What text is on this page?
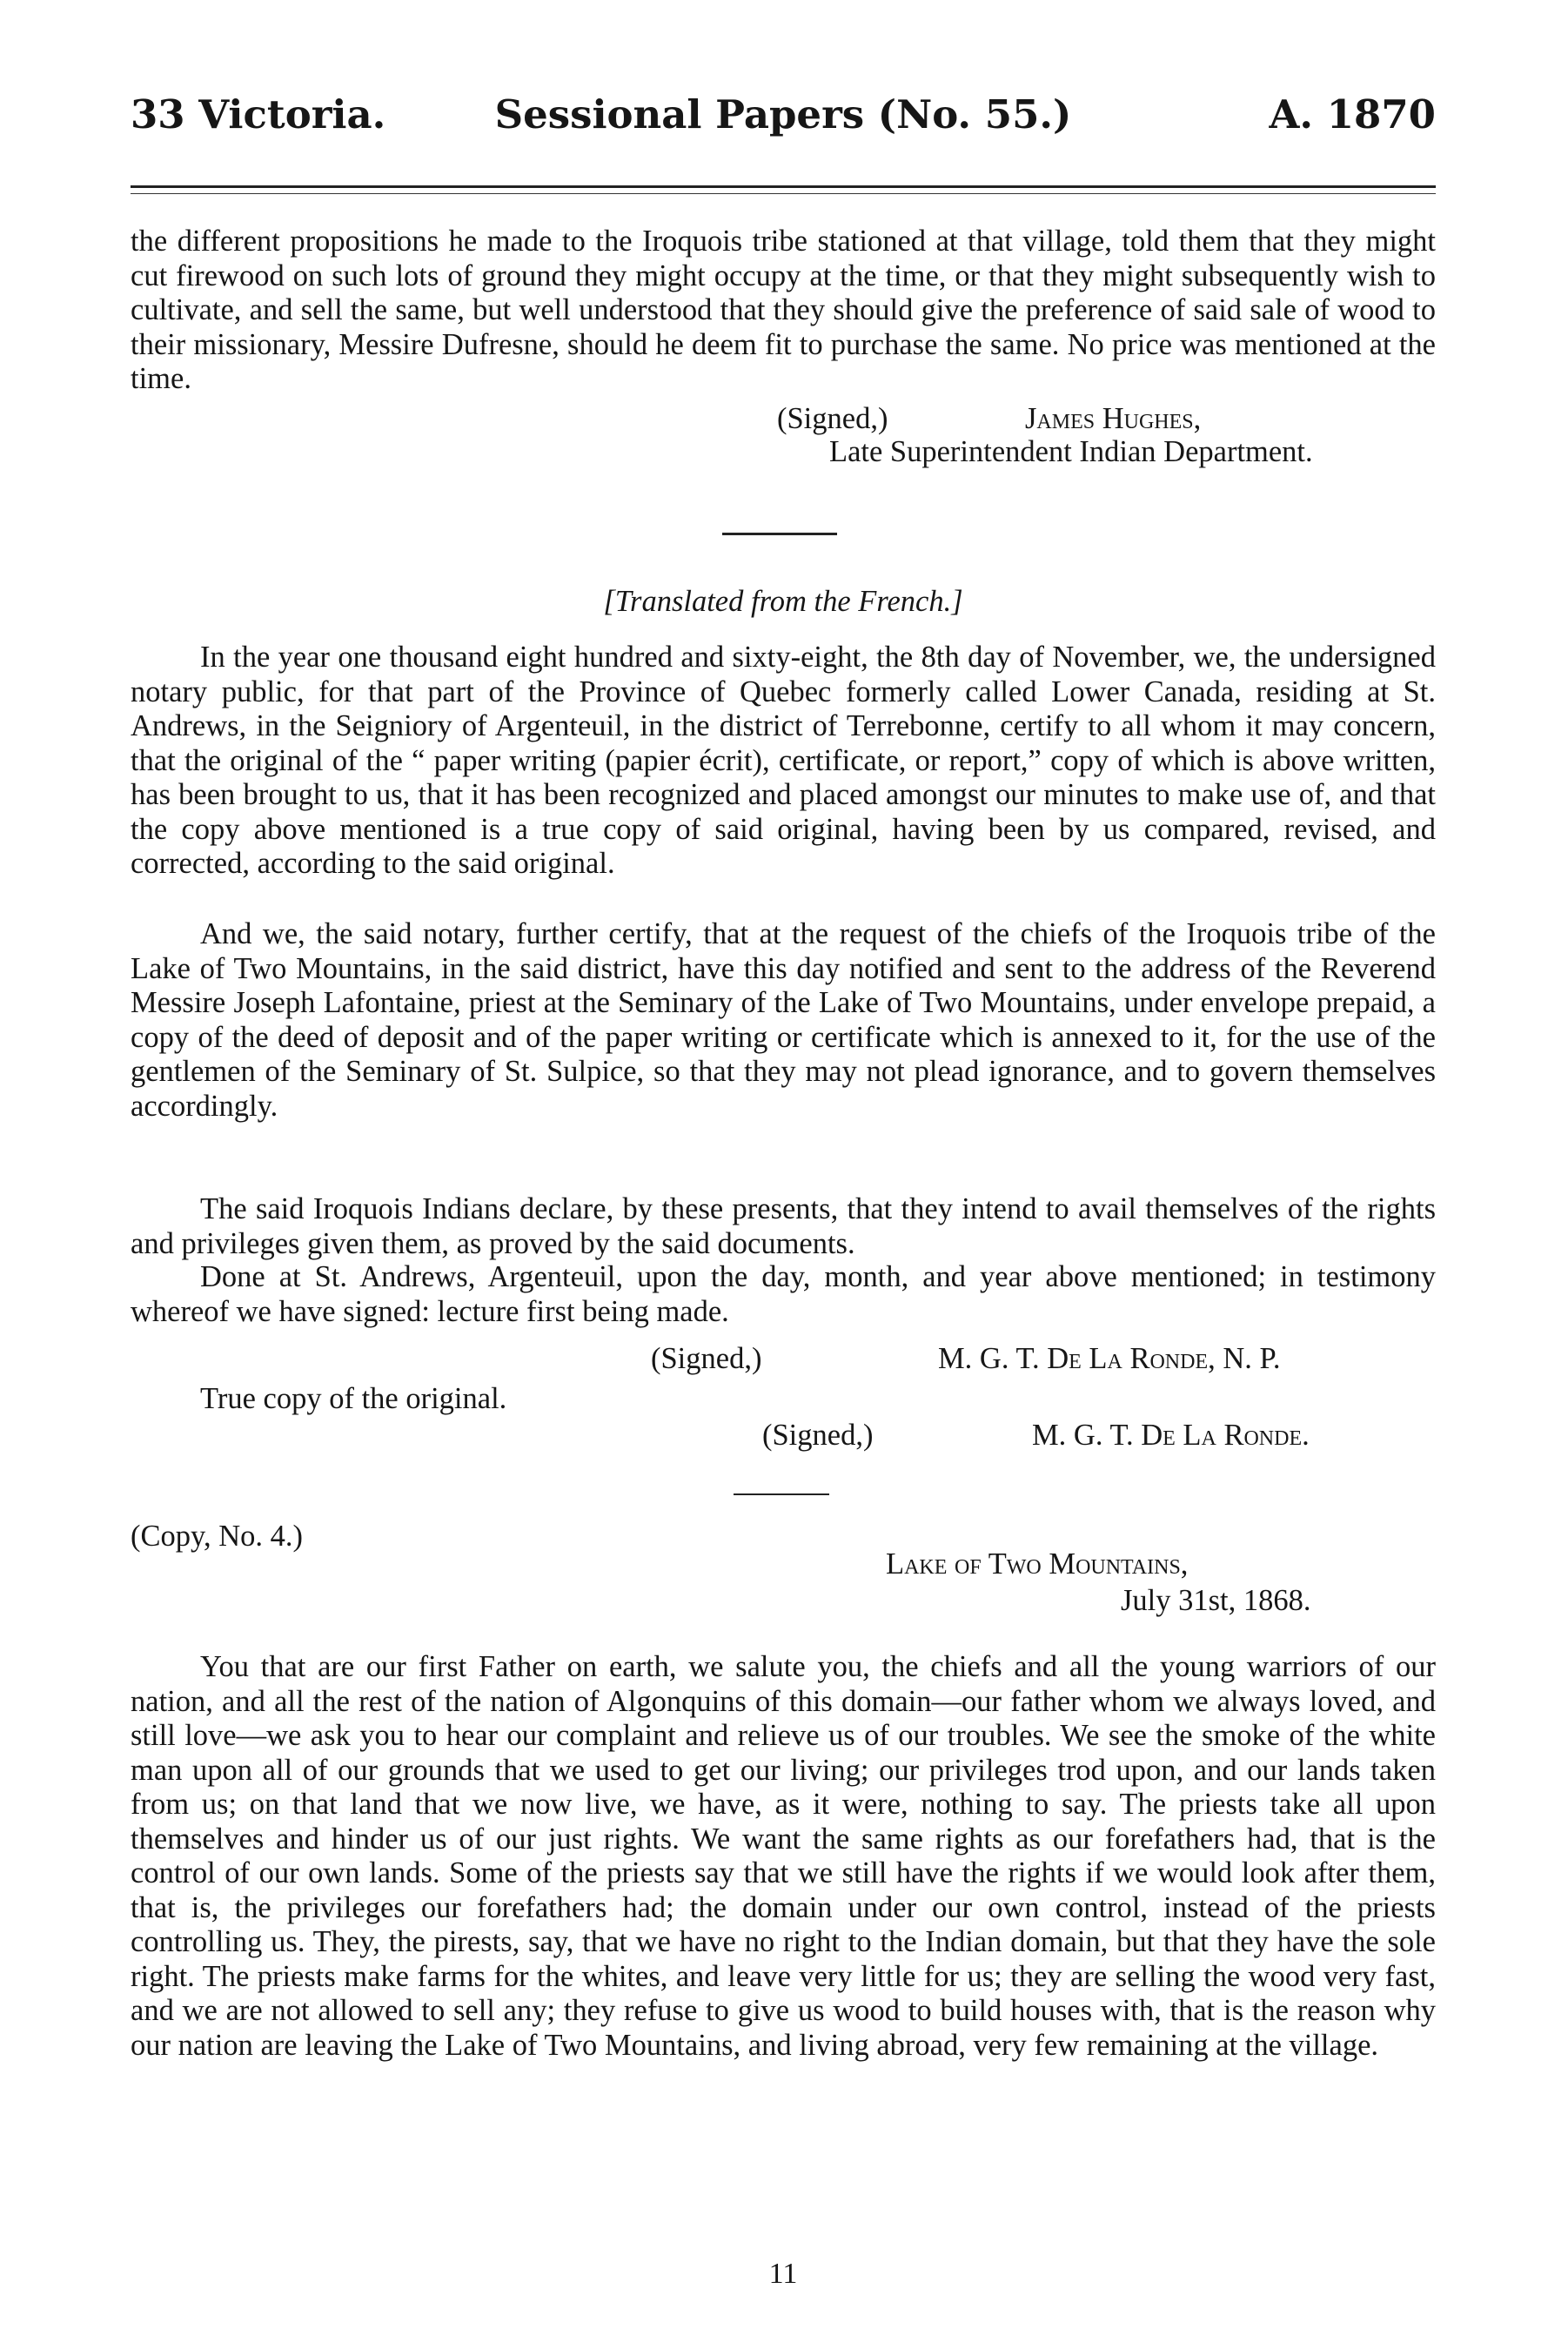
33 Victoria.	Sessional Papers (No. 55.)	A. 1870

the different propositions he made to the Iroquois tribe stationed at that village, told them that they might cut firewood on such lots of ground they might occupy at the time, or that they might subsequently wish to cultivate, and sell the same, but well understood that they should give the preference of said sale of wood to their missionary, Messire Dufresne, should he deem fit to purchase the same. No price was mentioned at the time.

(Signed,)	James Hughes,
Late Superintendent Indian Department.
[Translated from the French.]

In the year one thousand eight hundred and sixty-eight, the 8th day of November, we, the undersigned notary public, for that part of the Province of Quebec formerly called Lower Canada, residing at St. Andrews, in the Seigniory of Argenteuil, in the district of Terrebonne, certify to all whom it may concern, that the original of the “ paper writing (papier écrit), certificate, or report,” copy of which is above written, has been brought to us, that it has been recognized and placed amongst our minutes to make use of, and that the copy above mentioned is a true copy of said original, having been by us compared, revised, and corrected, according to the said original.

And we, the said notary, further certify, that at the request of the chiefs of the Iroquois tribe of the Lake of Two Mountains, in the said district, have this day notified and sent to the address of the Reverend Messire Joseph Lafontaine, priest at the Seminary of the Lake of Two Mountains, under envelope prepaid, a copy of the deed of deposit and of the paper writing or certificate which is annexed to it, for the use of the gentlemen of the Seminary of St. Sulpice, so that they may not plead ignorance, and to govern themselves accordingly.

The said Iroquois Indians declare, by these presents, that they intend to avail themselves of the rights and privileges given them, as proved by the said documents.

Done at St. Andrews, Argenteuil, upon the day, month, and year above mentioned; in testimony whereof we have signed: lecture first being made.

(Signed,)	M. G. T. De La Ronde, N. P.
True copy of the original.
(Signed,)	M. G. T. De La Ronde.
(Copy, No. 4.)
Lake of Two Mountains,
July 31st, 1868.

You that are our first Father on earth, we salute you, the chiefs and all the young warriors of our nation, and all the rest of the nation of Algonquins of this domain—our father whom we always loved, and still love—we ask you to hear our complaint and relieve us of our troubles. We see the smoke of the white man upon all of our grounds that we used to get our living; our privileges trod upon, and our lands taken from us; on that land that we now live, we have, as it were, nothing to say. The priests take all upon themselves and hinder us of our just rights. We want the same rights as our forefathers had, that is the control of our own lands. Some of the priests say that we still have the rights if we would look after them, that is, the privileges our forefathers had; the domain under our own control, instead of the priests controlling us. They, the pirests, say, that we have no right to the Indian domain, but that they have the sole right. The priests make farms for the whites, and leave very little for us; they are selling the wood very fast, and we are not allowed to sell any; they refuse to give us wood to build houses with, that is the reason why our nation are leaving the Lake of Two Mountains, and living abroad, very few remaining at the village.

11
